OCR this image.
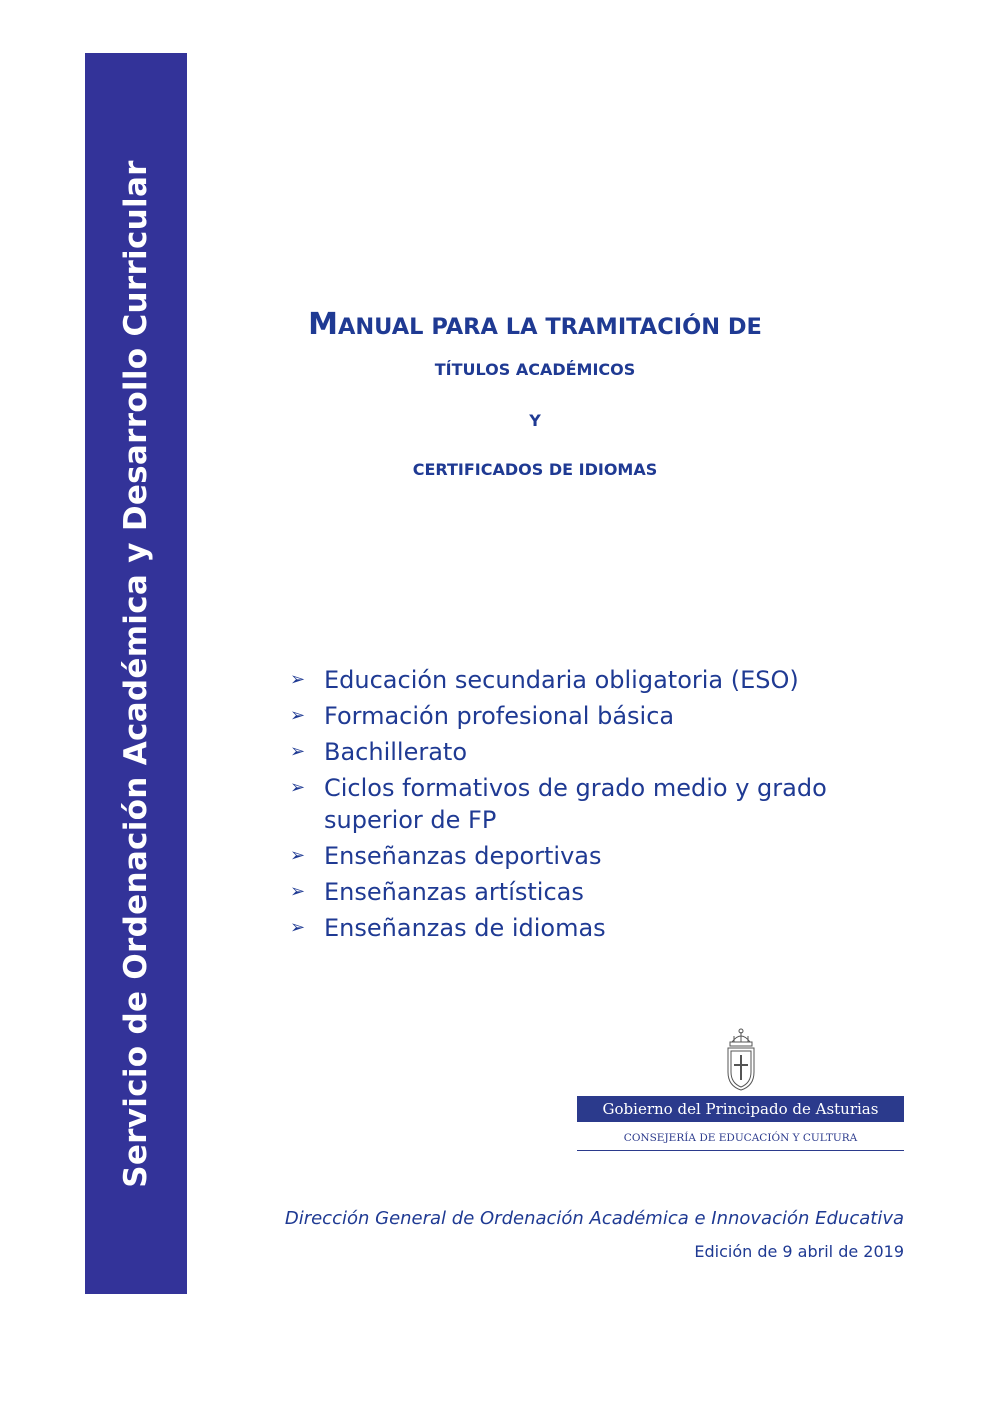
Servicio de Ordenación Académica y Desarrollo Curricular	MANUAL PARA LA TRAMITACIÓN DE
TÍTULOS ACADÉMICOS
Y
CERTIFICADOS DE IDIOMAS
➢ Educación secundaria obligatoria (ESO)
➢ Formación profesional básica
➢ Bachillerato
➢ Ciclos formativos de grado medio y grado superior de FP
➢ Enseñanzas deportivas
➢ Enseñanzas artísticas
➢ Enseñanzas de idiomas
Gobierno del Principado de Asturias
CONSEJERÍA DE EDUCACIÓN Y CULTURA
Dirección General de Ordenación Académica e Innovación Educativa
Edición de 9 abril de 2019
